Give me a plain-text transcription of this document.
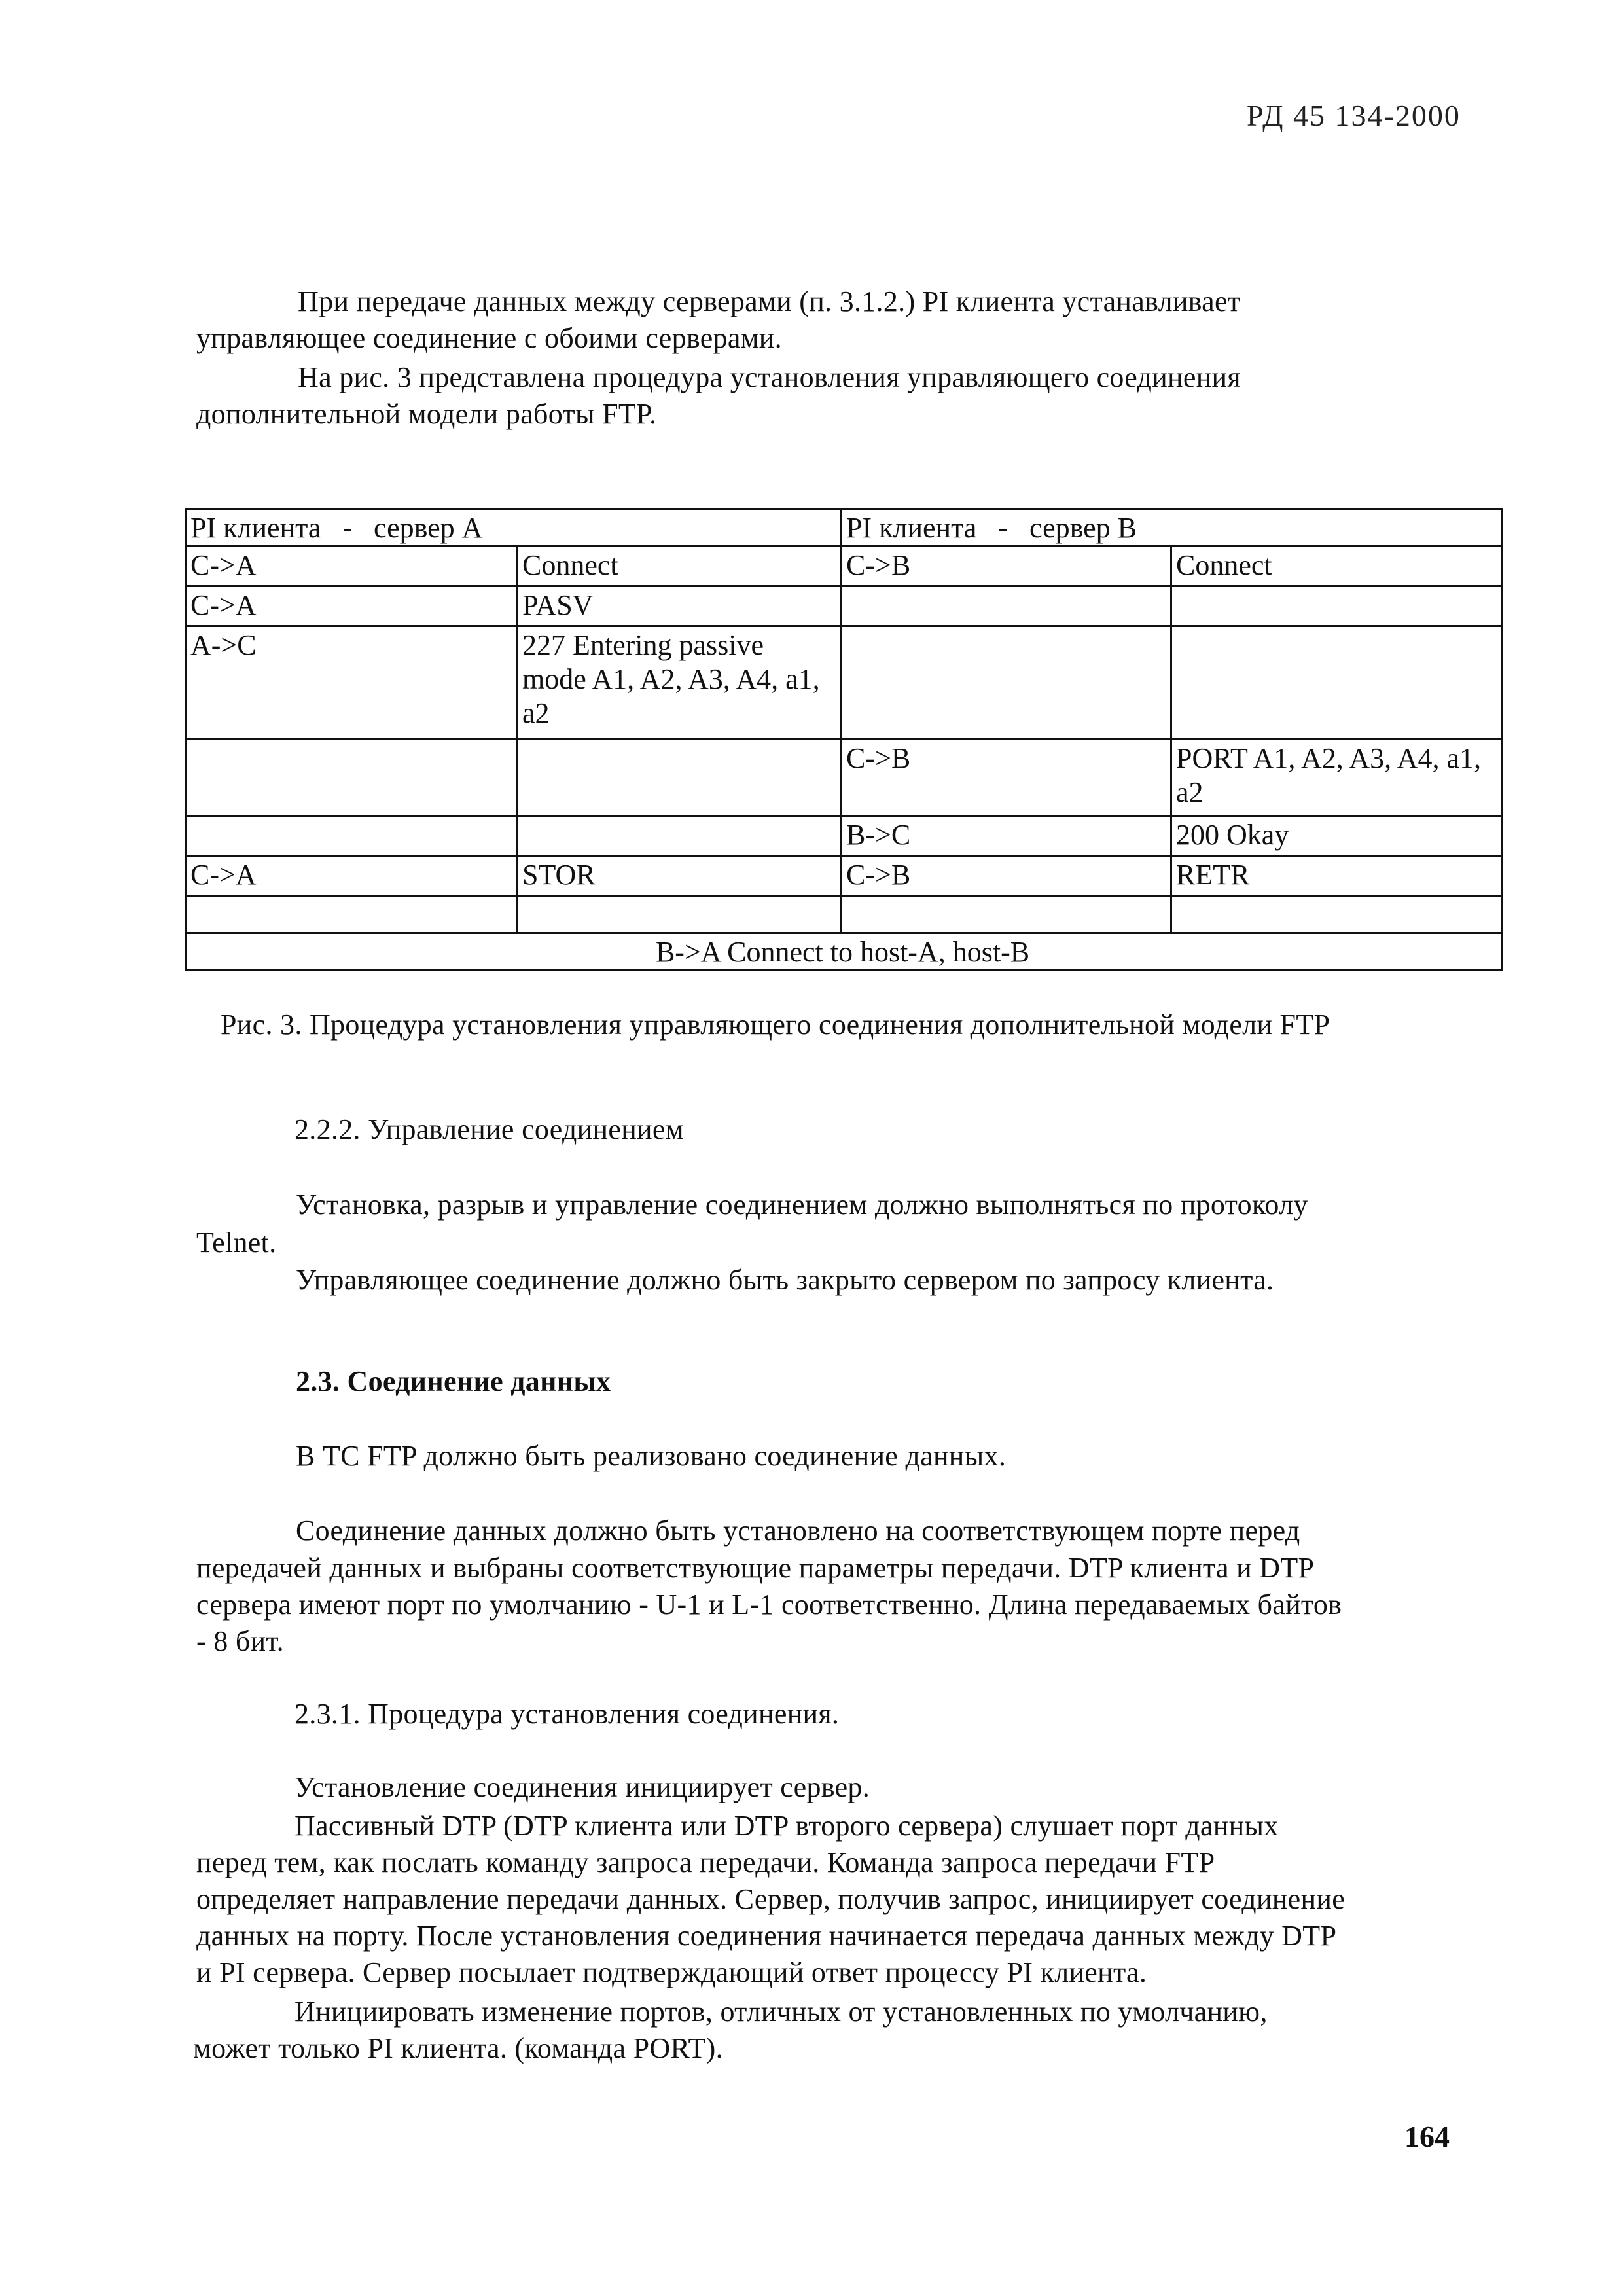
РД 45 134-2000
При передаче данных между серверами (п. 3.1.2.) PI клиента устанавливает
управляющее соединение с обоими серверами.
На рис. 3 представлена процедура установления управляющего соединения
дополнительной модели работы FTP.
PI клиента   -   сервер А		PI клиента   -   сервер В	
C->A	Connect	C->B	Connect
C->A	PASV		
A->C	227 Entering passive mode A1, A2, A3, A4, a1, a2		
		C->B	PORT A1, A2, A3, A4, a1, a2
		B->C	200 Okay
C->A	STOR	C->B	RETR

B->A Connect to host-A, host-B			
Рис. 3. Процедура установления управляющего соединения дополнительной модели FTP
2.2.2. Управление соединением
Установка, разрыв и управление соединением должно выполняться по протоколу
Telnet.
Управляющее соединение должно быть закрыто сервером по запросу клиента.
2.3. Соединение данных
В ТС FTP должно быть реализовано соединение данных.
Соединение данных должно быть установлено на соответствующем порте перед
передачей данных и выбраны соответствующие параметры передачи. DTP клиента и DTP
сервера имеют порт по умолчанию - U-1 и L-1 соответственно. Длина передаваемых байтов
- 8 бит.
2.3.1. Процедура установления соединения.
Установление соединения инициирует сервер.
Пассивный DTP (DTP клиента или DTP второго сервера) слушает порт данных
перед тем, как послать команду запроса передачи. Команда запроса передачи FTP
определяет направление передачи данных. Сервер, получив запрос, инициирует соединение
данных на порту. После установления соединения начинается передача данных между DTP
и PI сервера. Сервер посылает подтверждающий ответ процессу PI клиента.
Инициировать изменение портов, отличных от установленных по умолчанию,
может только PI клиента. (команда PORT).
164
